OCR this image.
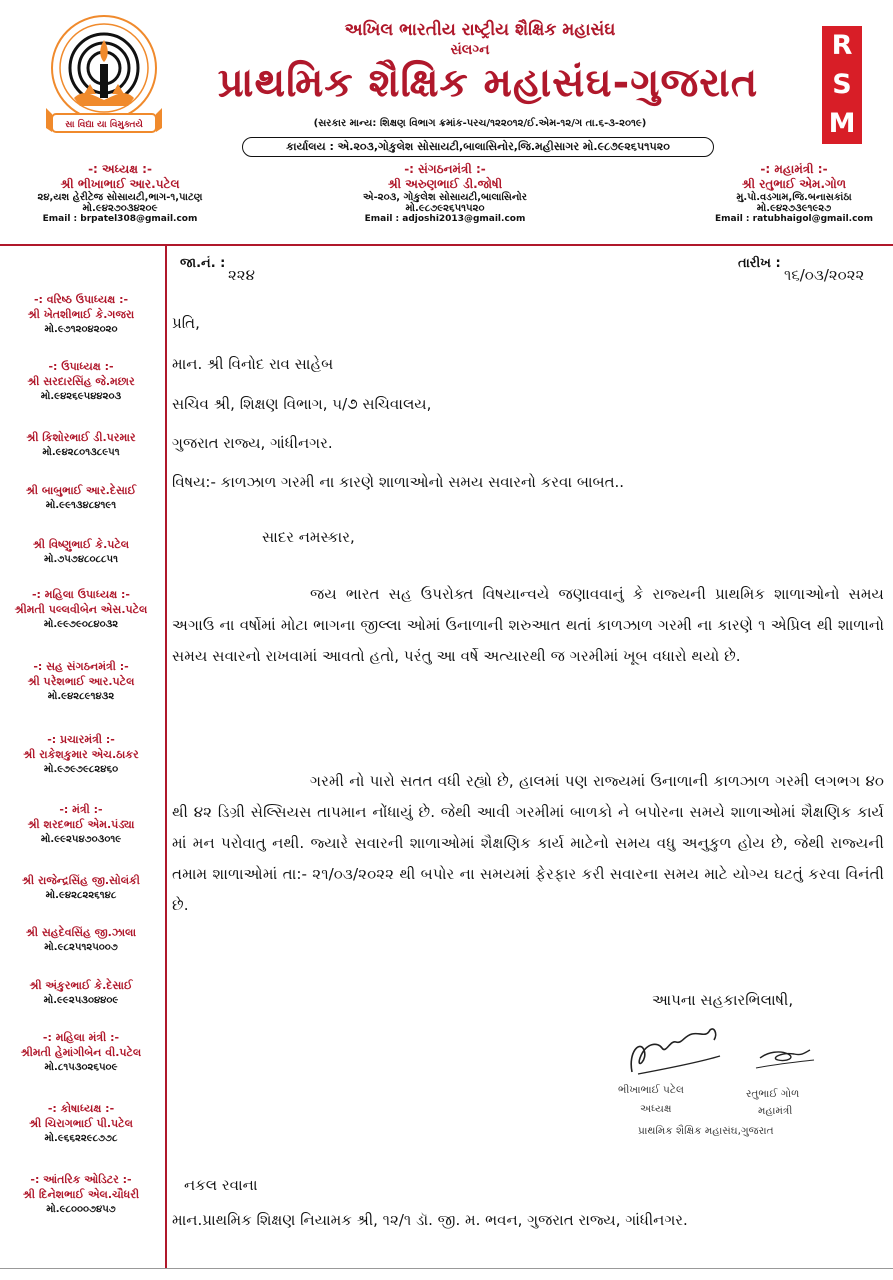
સા વિદ્યા યા વિમુક્તયે
અખિલ ભારતીય રાષ્ટ્રીય શૈક્ષિક મહાસંઘ
સંલગ્ન
પ્રાથમિક શૈક્ષિક મહાસંઘ-ગુજરાત
R
S
M
(સરકાર માન્ય: શિક્ષણ વિભાગ ક્રમાંક-પરચ/૧૨૨૦૧૨/ઈ.એમ-૧૨/ગ તા.૬-૩-૨૦૧૯)
કાર્યાલય : એ.૨૦૩,ગોકુલેશ સોસાયટી,બાલાસિનોર,જિ.મહીસાગર મો.૯૮૭૯૨૬૫૧૫૨૦
-: અધ્યક્ષ :-
શ્રી ભીખાભાઈ આર.પટેલ
૨૪,યશ હેરીટેજ સોસાયટી,ભાગ-૧,પાટણ
મો.૯૪૨૭૦૩૪૨૦૯
Email : brpatel308@gmail.com
-: સંગઠનમંત્રી :-
શ્રી અરુણભાઈ ડી.જોષી
એ-૨૦૩, ગોકુલેશ સોસાયટી,બાલાસિનોર
મો.૯૮૭૯૨૬૫૧૫૨૦
Email : adjoshi2013@gmail.com
-: મહામંત્રી :-
શ્રી રતુભાઈ એમ.ગોળ
મુ.પો.વડગામ,જિ.બનાસકાંઠા
મો.૯૪૨૭૩૯૧૯૨૭
Email : ratubhaigol@gmail.com
-: વરિષ્ઠ ઉપાધ્યક્ષ :-
શ્રી ખેતશીભાઈ કે.ગજરા
મો.૯૭૧૨૦૪૨૦૨૦
-: ઉપાધ્યક્ષ :-
શ્રી સરદારસિંહ જે.મછાર
મો.૯૪૨૬૯૫૪૪૨૦૩
શ્રી કિશોરભાઈ ડી.પરમાર
મો.૯૪૨૮૦૧૩૮૯૫૧
શ્રી બાબુભાઈ આર.દેસાઈ
મો.૯૯૧૩૪૮૪૧૯૧
શ્રી વિષ્ણુભાઈ કે.પટેલ
મો.૭૫૭૪૮૦૮૮૫૧
-: મહિલા ઉપાધ્યક્ષ :-
શ્રીમતી પલ્લવીબેન એસ.પટેલ
મો.૯૯૭૯૦૮૪૦૩૨
-: સહ સંગઠનમંત્રી :-
શ્રી પરેશભાઈ આર.પટેલ
મો.૯૪૨૮૯૧૪૩૨
-: પ્રચારમંત્રી :-
શ્રી રાકેશકુમાર એચ.ઠાકર
મો.૯૭૯૭૯૮૨૪૬૦
-: મંત્રી :-
શ્રી શરદભાઈ એમ.પંડ્યા
મો.૯૯૨૫૪૭૦૩૦૧૯
શ્રી રાજેન્દ્રસિંહ જી.સોલંકી
મો.૯૪૨૮૨૨૬૧૪૮
શ્રી સહદેવસિંહ જી.ઝાલા
મો.૯૮૨૫૧૨૫૦૦૭
શ્રી અંકુરભાઈ કે.દેસાઈ
મો.૯૯૨૫૩૦૪૪૦૯
-: મહિલા મંત્રી :-
શ્રીમતી હેમાંગીબેન વી.પટેલ
મો.૮૧૫૩૦૨૬૫૦૯
-: કોષાધ્યક્ષ :-
શ્રી ચિરાગભાઈ પી.પટેલ
મો.૯૬૬૨૨૯૮૭૭૮
-: આંતરિક ઓડિટર :-
શ્રી દિનેશભાઈ એલ.ચૌધરી
મો.૯૮૦૦૦૭૪૫૭
જા.નં. :
૨૨૪
તારીખ :
૧૬/૦૩/૨૦૨૨
પ્રતિ,
માન. શ્રી વિનોદ રાવ સાહેબ
સચિવ શ્રી, શિક્ષણ વિભાગ, ૫/૭ સચિવાલય,
ગુજરાત રાજ્ય, ગાંધીનગર.
વિષય:- કાળઝાળ ગરમી ના કારણે શાળાઓનો સમય સવારનો કરવા બાબત..
સાદર નમસ્કાર,
જય ભારત સહ ઉપરોક્ત વિષયાન્વયે જણાવવાનું કે રાજ્યની પ્રાથમિક શાળાઓનો સમય અગાઉ ના વર્ષોમાં મોટા ભાગના જીલ્લા ઓમાં ઉનાળાની શરુઆત થતાં કાળઝાળ ગરમી ના કારણે ૧ એપ્રિલ થી શાળાનો સમય સવારનો રાખવામાં આવતો હતો, પરંતુ આ વર્ષે અત્યારથી જ ગરમીમાં ખૂબ વધારો થયો છે.
ગરમી નો પારો સતત વધી રહ્યો છે, હાલમાં પણ રાજ્યમાં ઉનાળાની કાળઝાળ ગરમી લગભગ ૪૦ થી ૪૨ ડિગ્રી સેલ્સિયસ તાપમાન નોંધાયું છે. જેથી આવી ગરમીમાં બાળકો ને બપોરના સમયે શાળાઓમાં શૈક્ષણિક કાર્ય માં મન પરોવાતુ નથી. જ્યારે સવારની શાળાઓમાં શૈક્ષણિક કાર્ય માટેનો સમય વધુ અનુકુળ હોય છે, જેથી રાજ્યની તમામ શાળાઓમાં તા:- ૨૧/૦૩/૨૦૨૨ થી બપોર ના સમયમાં ફેરફાર કરી સવારના સમય માટે યોગ્ય ઘટતું કરવા વિનંતી છે.
આપના સહકારભિલાષી,
ભીખાભાઈ પટેલ
અધ્યક્ષ
રતુભાઈ ગોળ
મહામંત્રી
પ્રાથમિક શૈક્ષિક મહાસંઘ,ગુજરાત
નકલ રવાના
માન.પ્રાથમિક શિક્ષણ નિયામક શ્રી, ૧૨/૧ ડૉ. જી. મ. ભવન, ગુજરાત રાજ્ય, ગાંધીનગર.
